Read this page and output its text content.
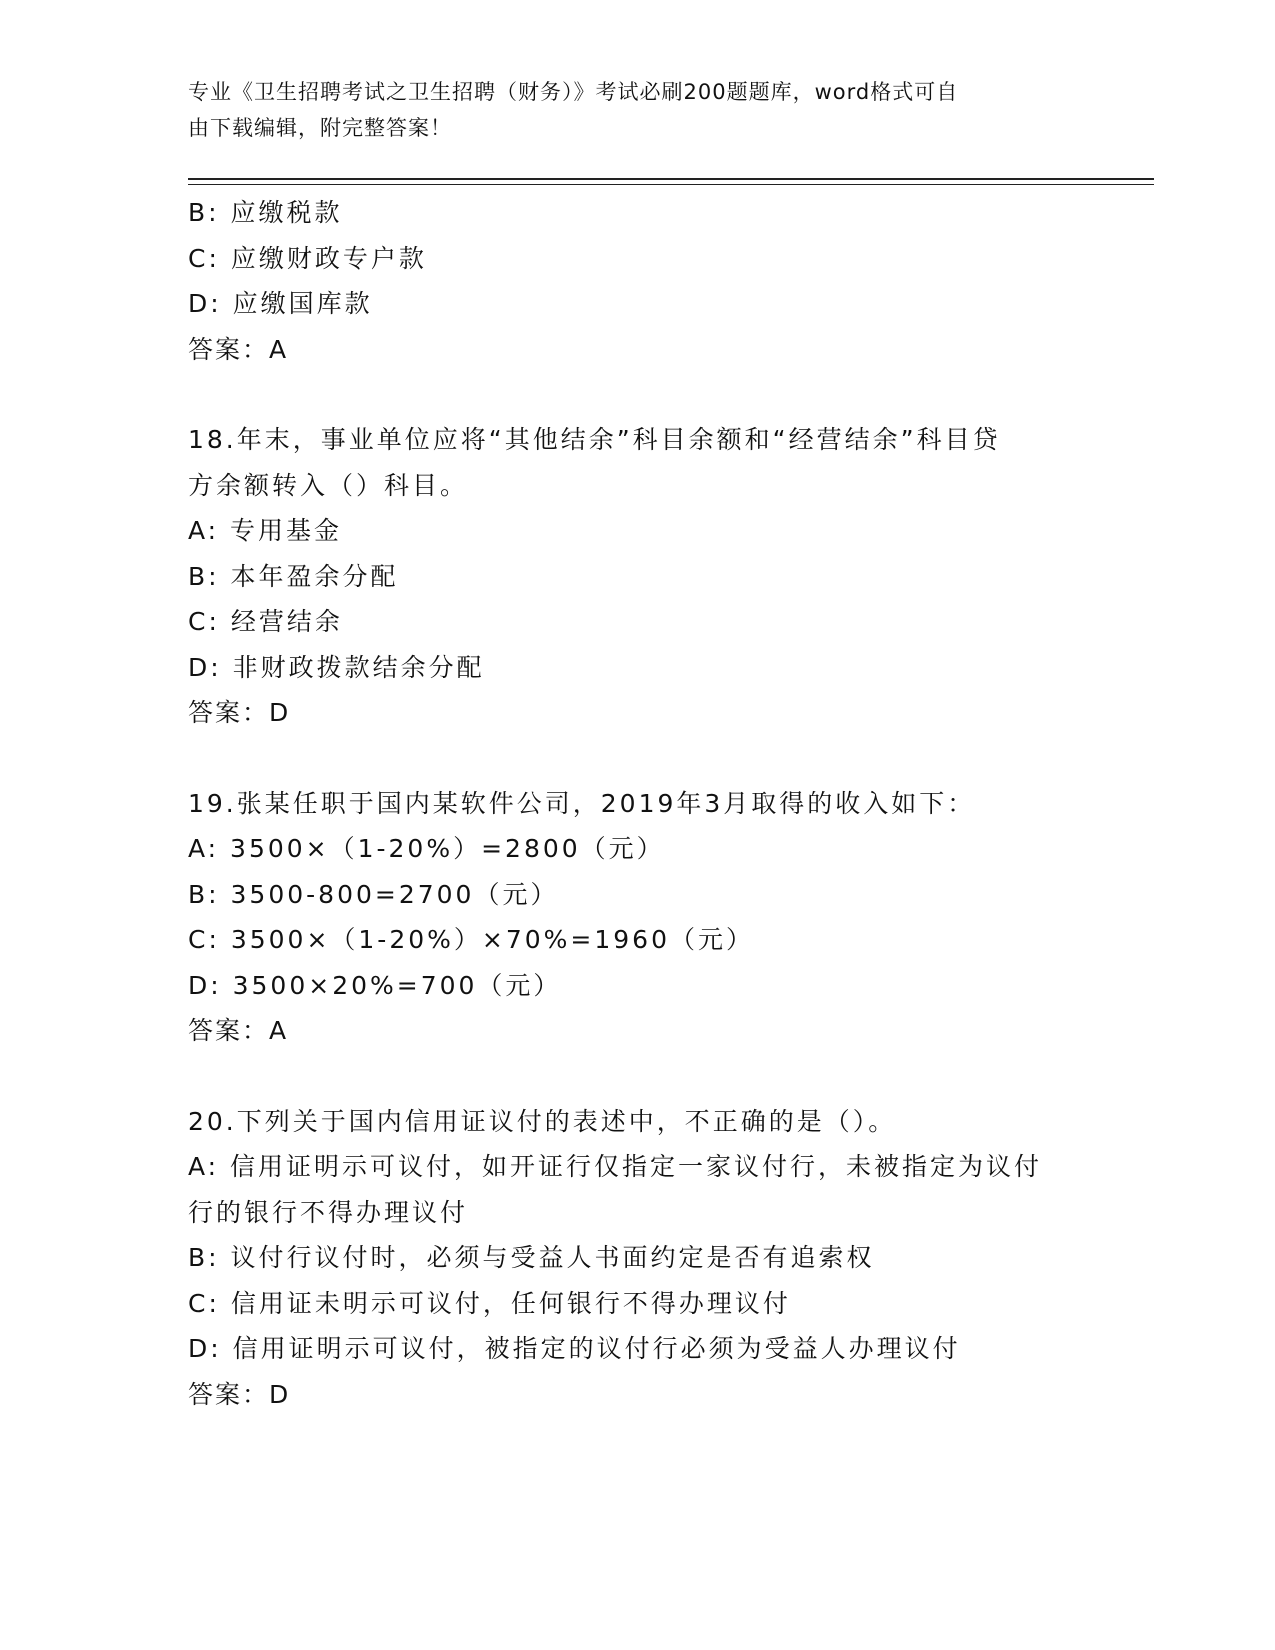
专业《卫生招聘考试之卫生招聘（财务）》考试必刷200题题库，word格式可自
由下载编辑，附完整答案！
B: 应缴税款
C: 应缴财政专户款
D: 应缴国库款
答案：A
18.年末，事业单位应将“其他结余”科目余额和“经营结余”科目贷
方余额转入（）科目。
A: 专用基金
B: 本年盈余分配
C: 经营结余
D: 非财政拨款结余分配
答案：D
19.张某任职于国内某软件公司，2019年3月取得的收入如下：
A: 3500×（1-20%）=2800（元）
B: 3500-800=2700（元）
C: 3500×（1-20%）×70%=1960（元）
D: 3500×20%=700（元）
答案：A
20.下列关于国内信用证议付的表述中，不正确的是（）。
A: 信用证明示可议付，如开证行仅指定一家议付行，未被指定为议付
行的银行不得办理议付
B: 议付行议付时，必须与受益人书面约定是否有追索权
C: 信用证未明示可议付，任何银行不得办理议付
D: 信用证明示可议付，被指定的议付行必须为受益人办理议付
答案：D
